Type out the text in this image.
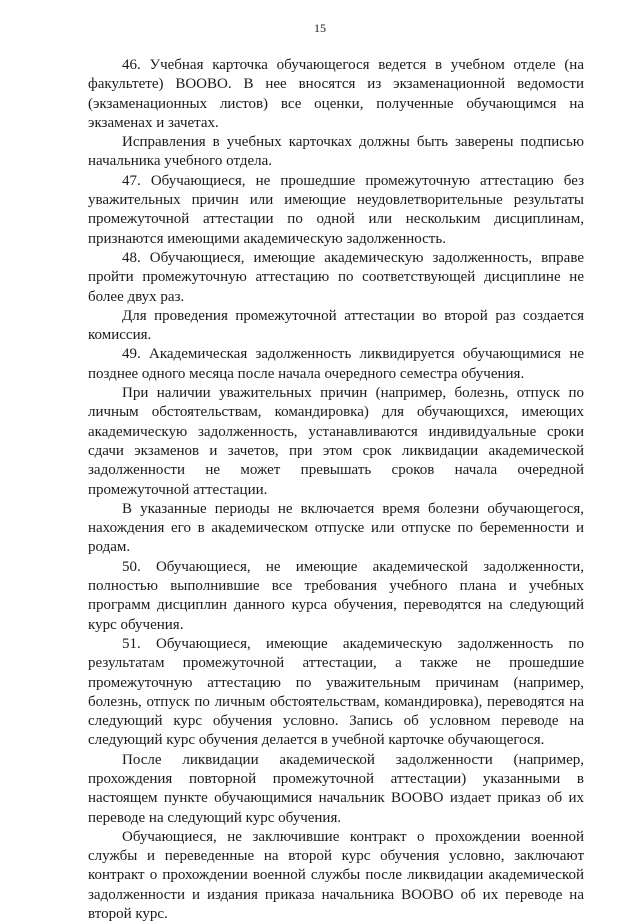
15

46. Учебная карточка обучающегося ведется в учебном отделе (на факультете) ВООВО. В нее вносятся из экзаменационной ведомости (экзаменационных листов) все оценки, полученные обучающимся на экзаменах и зачетах.

Исправления в учебных карточках должны быть заверены подписью начальника учебного отдела.

47. Обучающиеся, не прошедшие промежуточную аттестацию без уважительных причин или имеющие неудовлетворительные результаты промежуточной аттестации по одной или нескольким дисциплинам, признаются имеющими академическую задолженность.

48. Обучающиеся, имеющие академическую задолженность, вправе пройти промежуточную аттестацию по соответствующей дисциплине не более двух раз.

Для проведения промежуточной аттестации во второй раз создается комиссия.

49. Академическая задолженность ликвидируется обучающимися не позднее одного месяца после начала очередного семестра обучения.

При наличии уважительных причин (например, болезнь, отпуск по личным обстоятельствам, командировка) для обучающихся, имеющих академическую задолженность, устанавливаются индивидуальные сроки сдачи экзаменов и зачетов, при этом срок ликвидации академической задолженности не может превышать сроков начала очередной промежуточной аттестации.

В указанные периоды не включается время болезни обучающегося, нахождения его в академическом отпуске или отпуске по беременности и родам.

50. Обучающиеся, не имеющие академической задолженности, полностью выполнившие все требования учебного плана и учебных программ дисциплин данного курса обучения, переводятся на следующий курс обучения.

51. Обучающиеся, имеющие академическую задолженность по результатам промежуточной аттестации, а также не прошедшие промежуточную аттестацию по уважительным причинам (например, болезнь, отпуск по личным обстоятельствам, командировка), переводятся на следующий курс обучения условно. Запись об условном переводе на следующий курс обучения делается в учебной карточке обучающегося.

После ликвидации академической задолженности (например, прохождения повторной промежуточной аттестации) указанными в настоящем пункте обучающимися начальник ВООВО издает приказ об их переводе на следующий курс обучения.

Обучающиеся, не заключившие контракт о прохождении военной службы и переведенные на второй курс обучения условно, заключают контракт о прохождении военной службы после ликвидации академической задолженности и издания приказа начальника ВООВО об их переводе на второй курс.
